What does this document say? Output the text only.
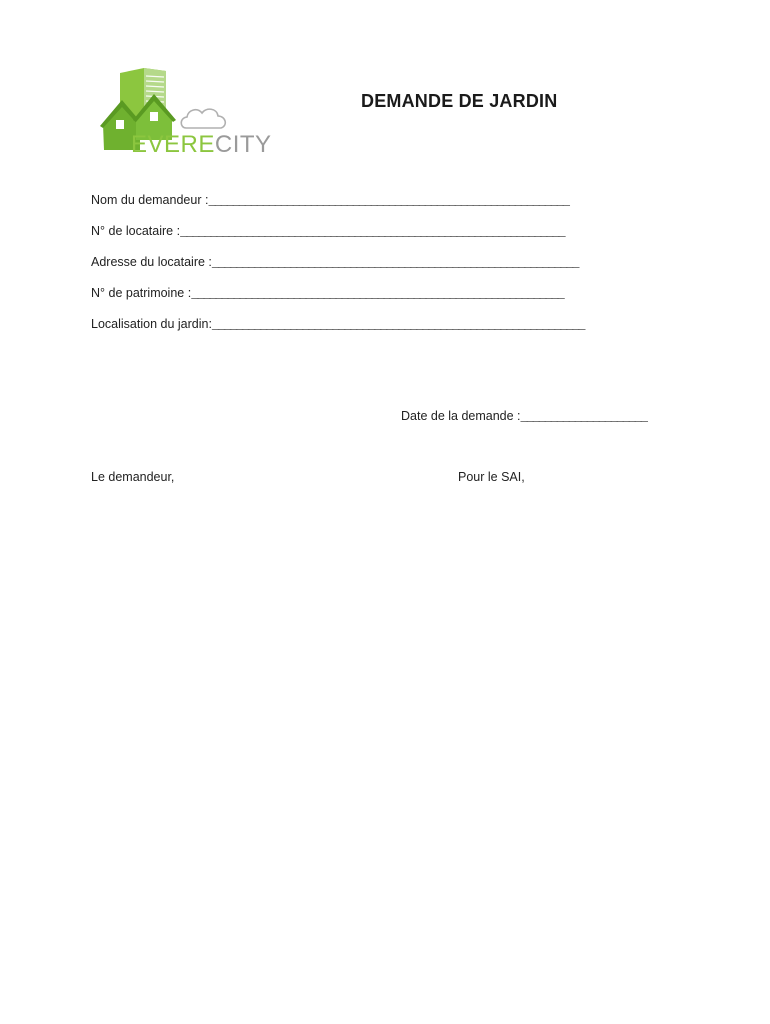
EVERECITY
DEMANDE DE JARDIN
Nom du demandeur :____________________________________________________________
N° de locataire :________________________________________________________________
Adresse du locataire :_____________________________________________________________
N° de patrimoine :______________________________________________________________
Localisation du jardin:______________________________________________________________
Date de la demande :_____________________
Le demandeur,	Pour le SAI,
